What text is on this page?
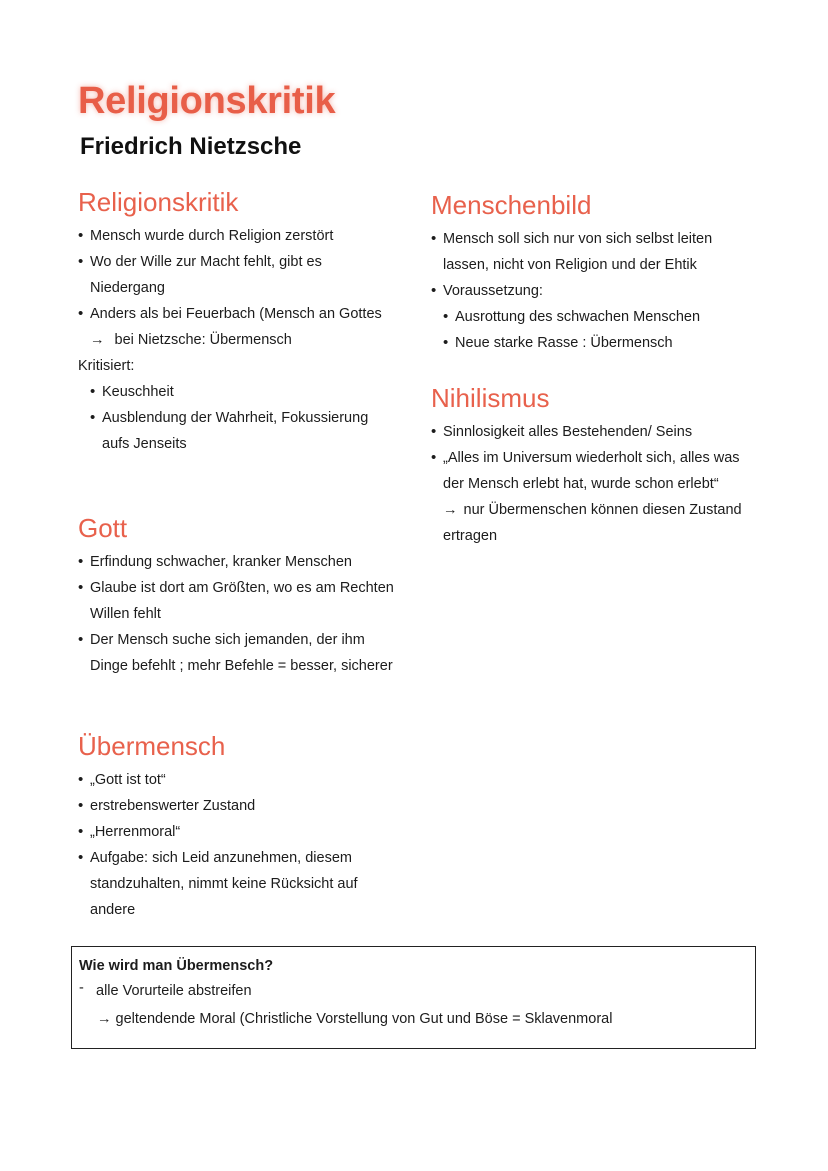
Religionskritik

Friedrich Nietzsche

Religionskritik
• Mensch wurde durch Religion zerstört
• Wo der Wille zur Macht fehlt, gibt es Niedergang
• Anders als bei Feuerbach (Mensch an Gottes
→ bei Nietzsche: Übermensch
Kritisiert:
• Keuschheit
• Ausblendung der Wahrheit, Fokussierung aufs Jenseits
Gott
• Erfindung schwacher, kranker Menschen
• Glaube ist dort am Größten, wo es am Rechten Willen fehlt
• Der Mensch suche sich jemanden, der ihm Dinge befehlt ; mehr Befehle = besser, sicherer
Übermensch
• „Gott ist tot“
• erstrebenswerter Zustand
• „Herrenmoral“
• Aufgabe: sich Leid anzunehmen, diesem standzuhalten, nimmt keine Rücksicht auf andere
Menschenbild
• Mensch soll sich nur von sich selbst leiten lassen, nicht von Religion und der Ehtik
• Voraussetzung:
• Ausrottung des schwachen Menschen
• Neue starke Rasse : Übermensch
Nihilismus
• Sinnlosigkeit alles Bestehenden/ Seins
• „Alles im Universum wiederholt sich, alles was der Mensch erlebt hat, wurde schon erlebt“
→ nur Übermenschen können diesen Zustand ertragen
Wie wird man Übermensch?
- alle Vorurteile abstreifen
→ geltendende Moral (Christliche Vorstellung von Gut und Böse = Sklavenmoral
